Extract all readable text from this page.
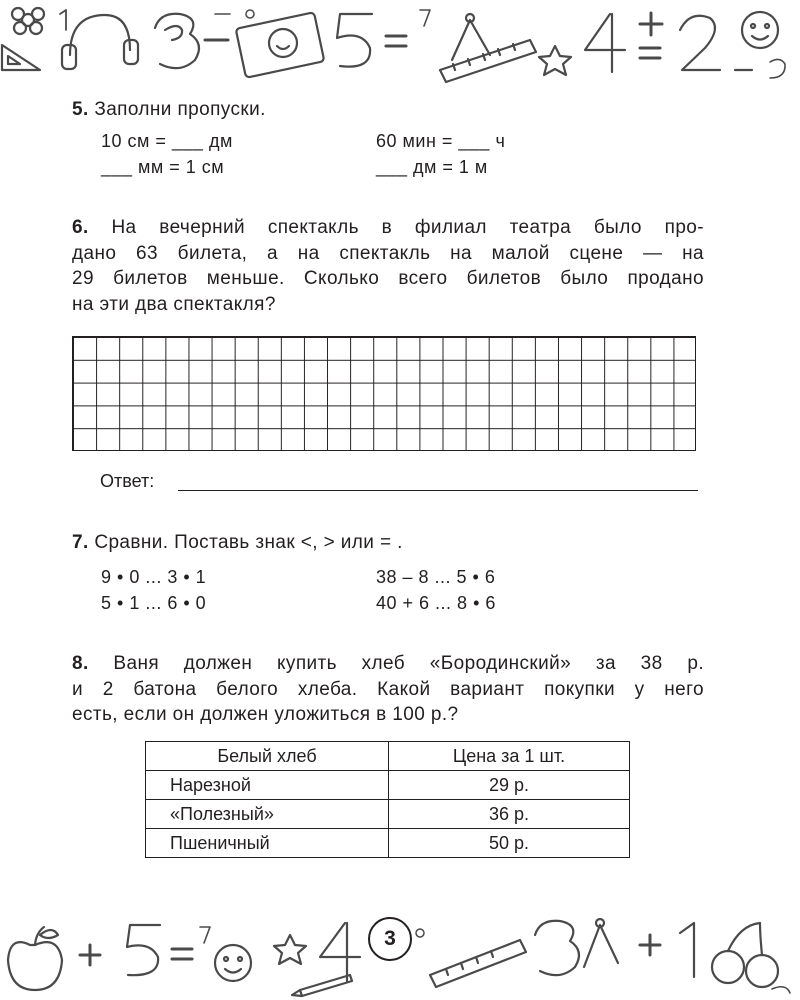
5. Заполни пропуски.
10 см = ___ дм
___ мм = 1 см
60 мин = ___ ч
___ дм = 1 м
6. На вечерний спектакль в филиал театра было про-
дано 63 билета, а на спектакль на малой сцене — на
29 билетов меньше. Сколько всего билетов было продано
на эти два спектакля?
Ответ:
7. Сравни. Поставь знак <, > или = .
9 • 0 ... 3 • 1
5 • 1 ... 6 • 0
38 – 8 ... 5 • 6
40 + 6 ... 8 • 6
8. Ваня должен купить хлеб «Бородинский» за 38 р.
и 2 батона белого хлеба. Какой вариант покупки у него
есть, если он должен уложиться в 100 р.?
Белый хлеб	Цена за 1 шт.
Нарезной	29 р.
«Полезный»	36 р.
Пшеничный	50 р.
3
